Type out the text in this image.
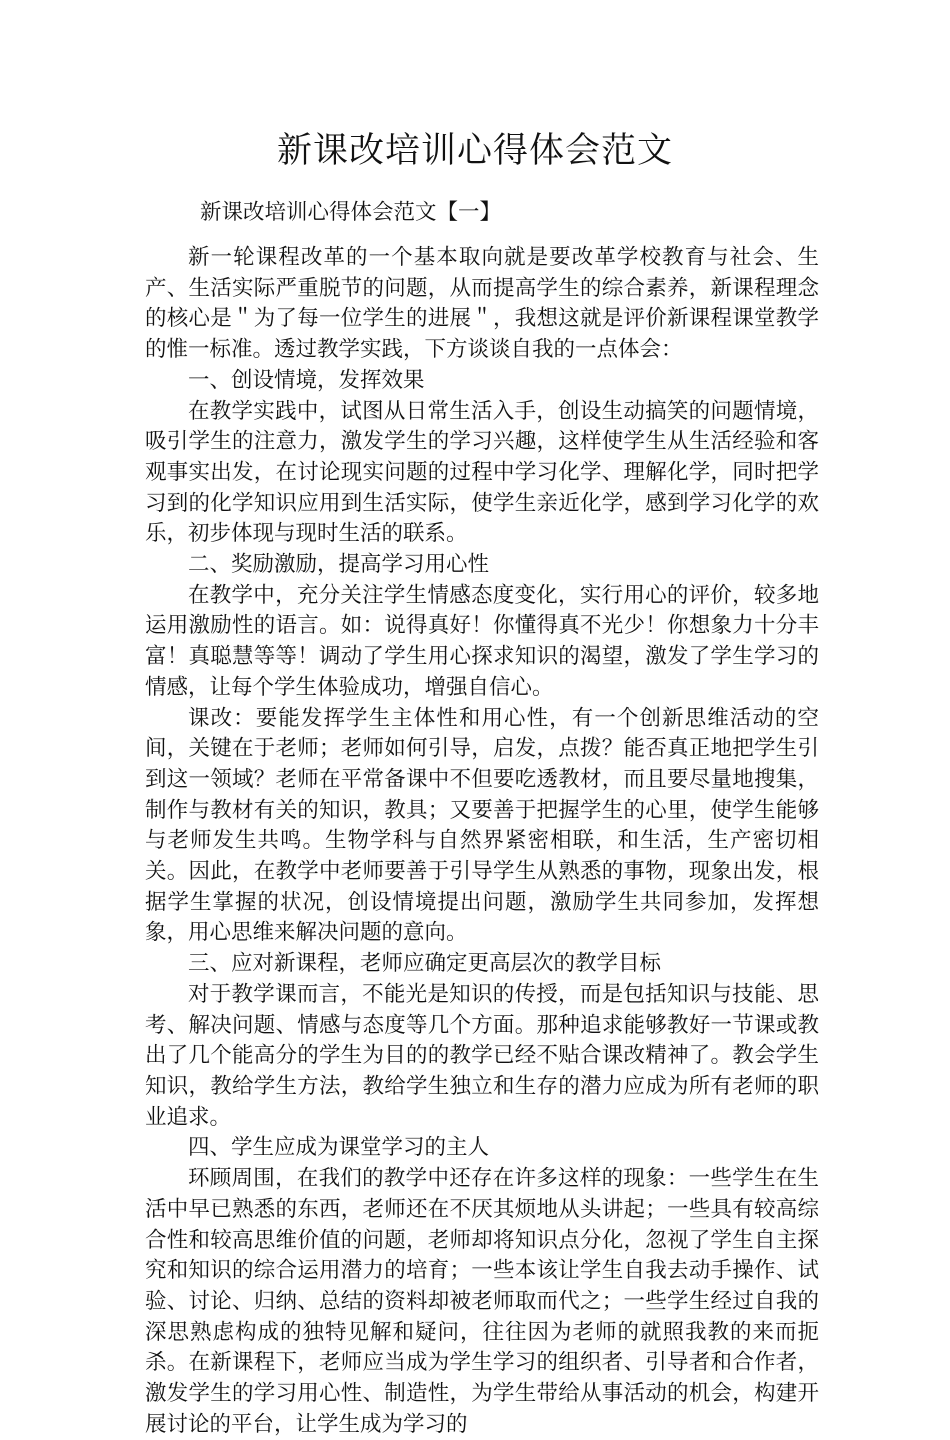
新课改培训心得体会范文

新课改培训心得体会范文【一】

新一轮课程改革的一个基本取向就是要改革学校教育与社会、生产、生活实际严重脱节的问题，从而提高学生的综合素养，新课程理念的核心是＂为了每一位学生的进展＂，我想这就是评价新课程课堂教学的惟一标准。透过教学实践，下方谈谈自我的一点体会：

一、创设情境，发挥效果

在教学实践中，试图从日常生活入手，创设生动搞笑的问题情境，吸引学生的注意力，激发学生的学习兴趣，这样使学生从生活经验和客观事实出发，在讨论现实问题的过程中学习化学、理解化学，同时把学习到的化学知识应用到生活实际，使学生亲近化学，感到学习化学的欢乐，初步体现与现时生活的联系。

二、奖励激励，提高学习用心性

在教学中，充分关注学生情感态度变化，实行用心的评价，较多地运用激励性的语言。如：说得真好！你懂得真不光少！你想象力十分丰富！真聪慧等等！调动了学生用心探求知识的渴望，激发了学生学习的情感，让每个学生体验成功，增强自信心。

课改：要能发挥学生主体性和用心性，有一个创新思维活动的空间，关键在于老师；老师如何引导，启发，点拨？能否真正地把学生引到这一领域？老师在平常备课中不但要吃透教材，而且要尽量地搜集，制作与教材有关的知识，教具；又要善于把握学生的心里，使学生能够与老师发生共鸣。生物学科与自然界紧密相联，和生活，生产密切相关。因此，在教学中老师要善于引导学生从熟悉的事物，现象出发，根据学生掌握的状况，创设情境提出问题，激励学生共同参加，发挥想象，用心思维来解决问题的意向。

三、应对新课程，老师应确定更高层次的教学目标

对于教学课而言，不能光是知识的传授，而是包括知识与技能、思考、解决问题、情感与态度等几个方面。那种追求能够教好一节课或教出了几个能高分的学生为目的的教学已经不贴合课改精神了。教会学生知识，教给学生方法，教给学生独立和生存的潜力应成为所有老师的职业追求。

四、学生应成为课堂学习的主人

环顾周围，在我们的教学中还存在许多这样的现象：一些学生在生活中早已熟悉的东西，老师还在不厌其烦地从头讲起；一些具有较高综合性和较高思维价值的问题，老师却将知识点分化，忽视了学生自主探究和知识的综合运用潜力的培育；一些本该让学生自我去动手操作、试验、讨论、归纳、总结的资料却被老师取而代之；一些学生经过自我的深思熟虑构成的独特见解和疑问，往往因为老师的就照我教的来而扼杀。在新课程下，老师应当成为学生学习的组织者、引导者和合作者，激发学生的学习用心性、制造性，为学生带给从事活动的机会，构建开展讨论的平台，让学生成为学习的
